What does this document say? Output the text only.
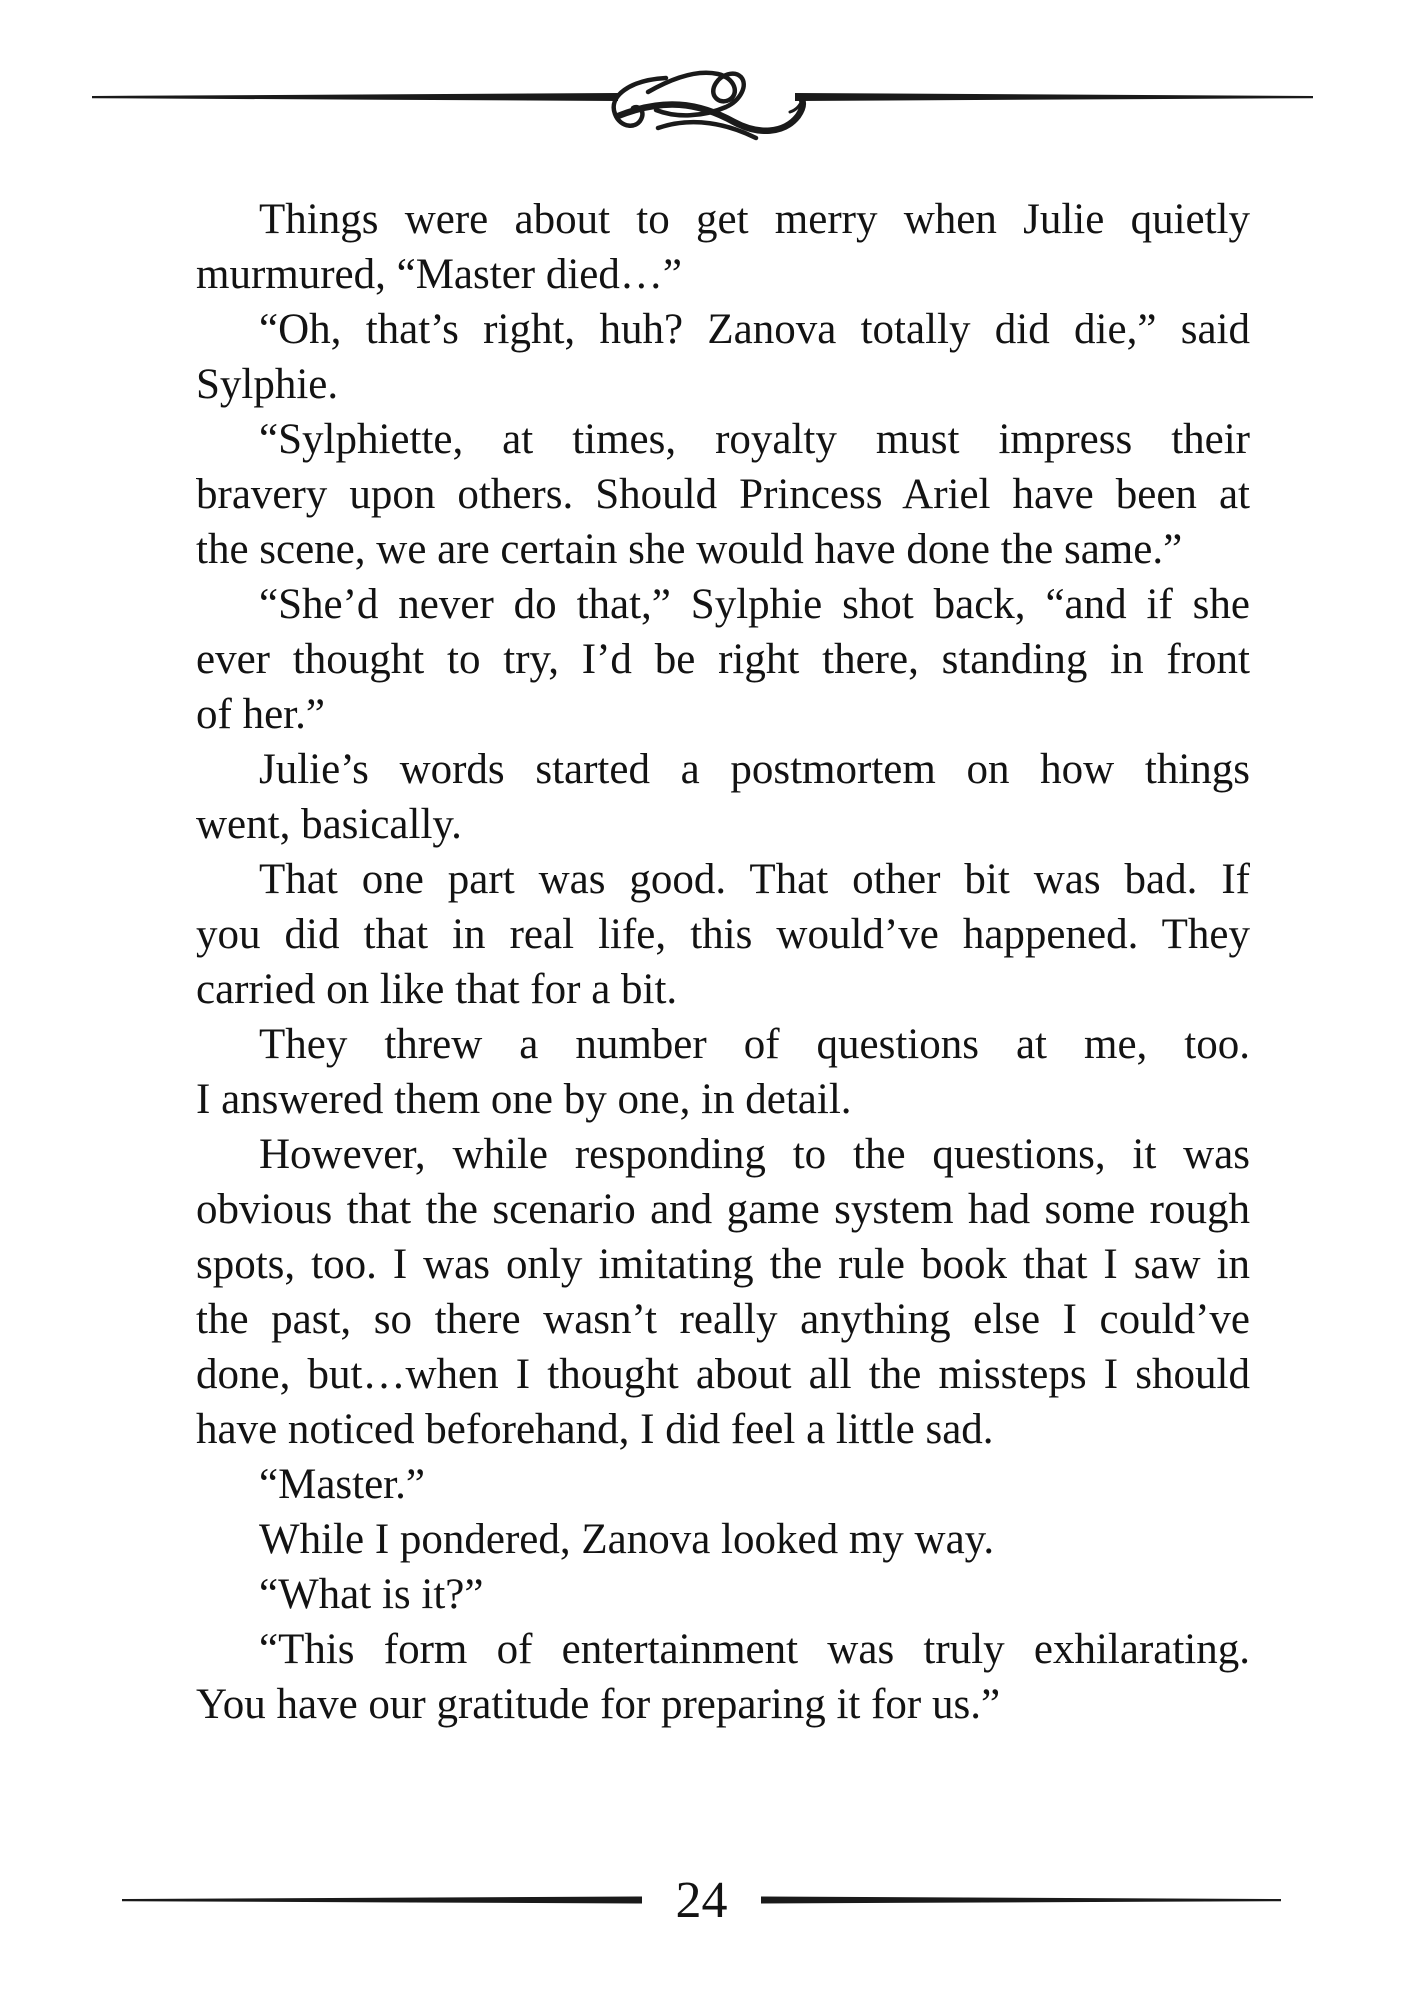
Things were about to get merry when Julie quietly
murmured, “Master died…”

“Oh, that’s right, huh? Zanova totally did die,” said
Sylphie.

“Sylphiette, at times, royalty must impress their
bravery upon others. Should Princess Ariel have been at
the scene, we are certain she would have done the same.”

“She’d never do that,” Sylphie shot back, “and if she
ever thought to try, I’d be right there, standing in front
of her.”

Julie’s words started a postmortem on how things
went, basically.

That one part was good. That other bit was bad. If
you did that in real life, this would’ve happened. They
carried on like that for a bit.

They threw a number of questions at me, too.
I answered them one by one, in detail.

However, while responding to the questions, it was
obvious that the scenario and game system had some rough
spots, too. I was only imitating the rule book that I saw in
the past, so there wasn’t really anything else I could’ve
done, but…when I thought about all the missteps I should
have noticed beforehand, I did feel a little sad.

“Master.”

While I pondered, Zanova looked my way.

“What is it?”

“This form of entertainment was truly exhilarating.
You have our gratitude for preparing it for us.”

24
